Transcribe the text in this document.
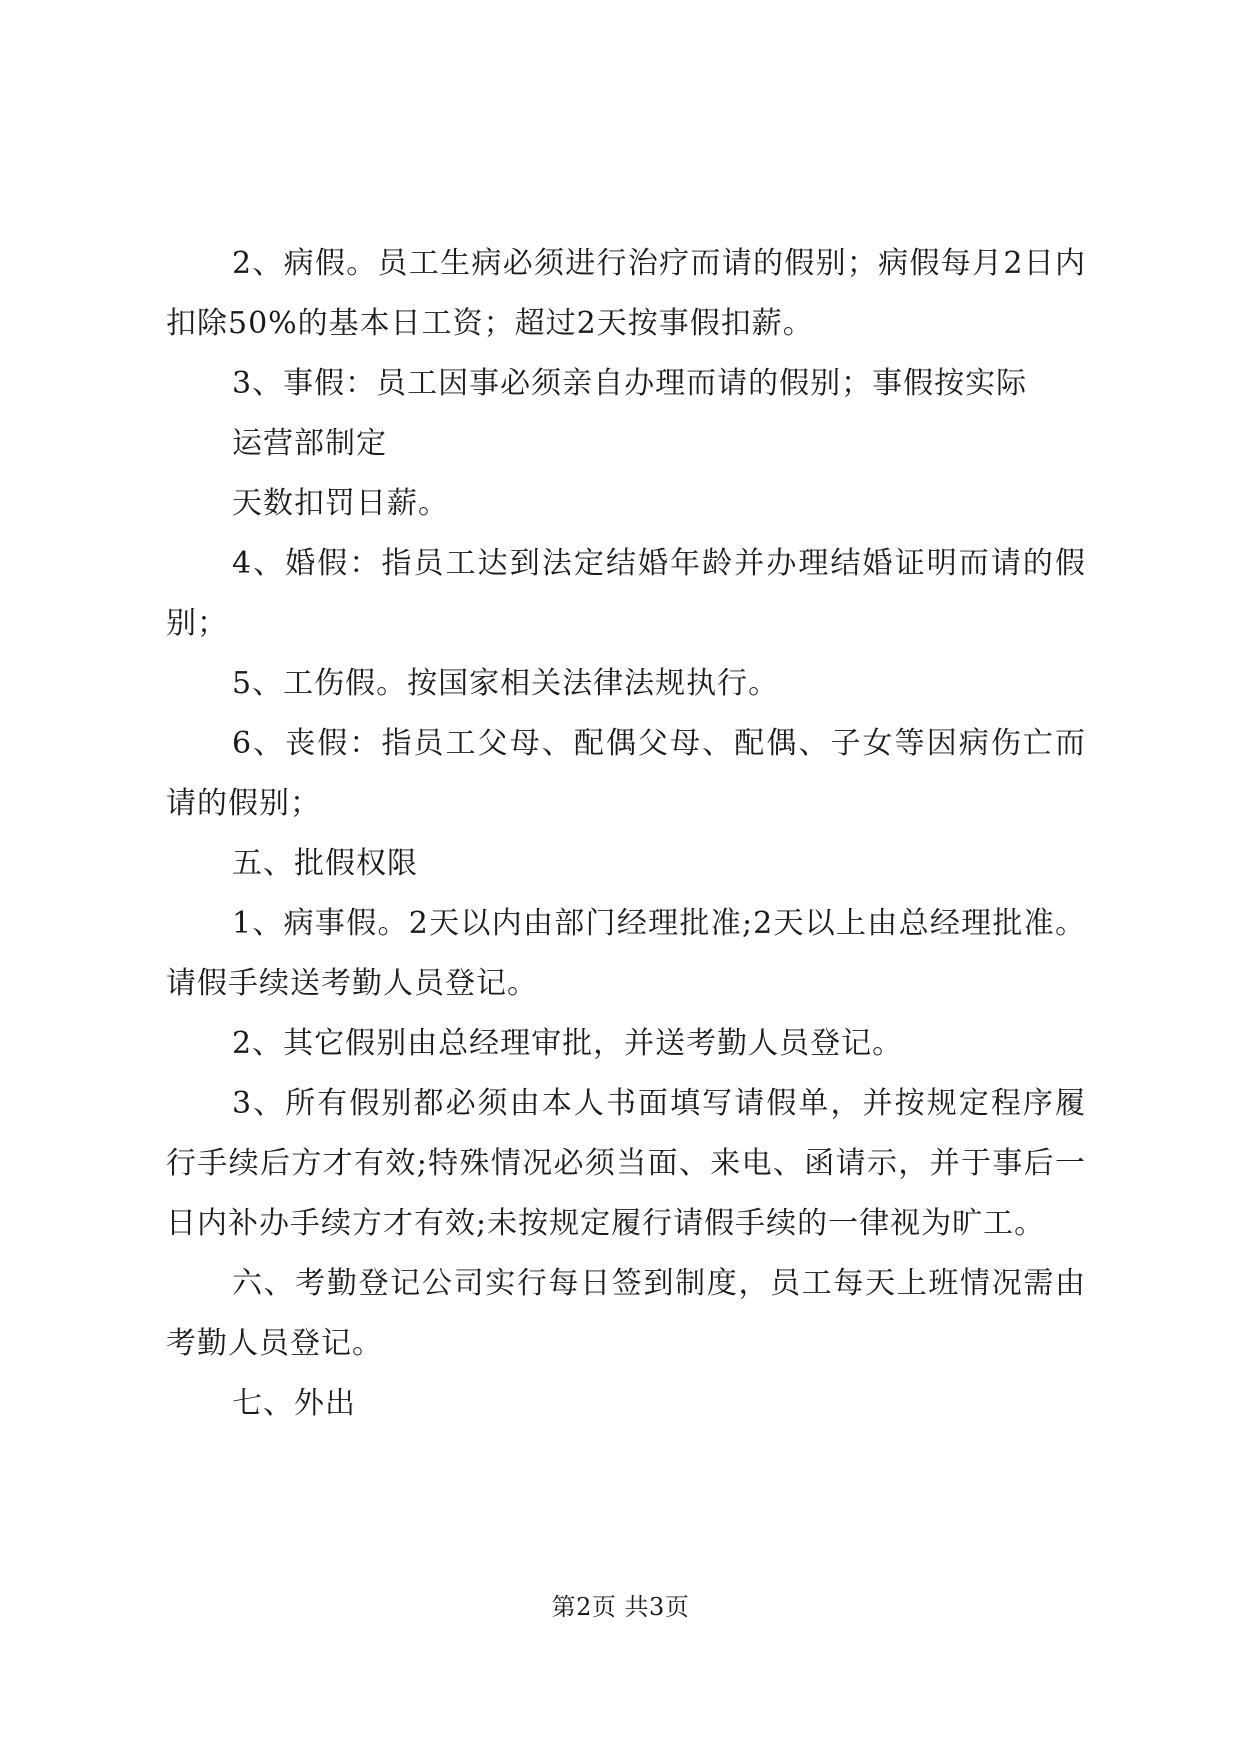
2、病假。员工生病必须进行治疗而请的假别；病假每月2日内扣除50%的基本日工资；超过2天按事假扣薪。

3、事假：员工因事必须亲自办理而请的假别；事假按实际

运营部制定

天数扣罚日薪。

4、婚假：指员工达到法定结婚年龄并办理结婚证明而请的假别；

5、工伤假。按国家相关法律法规执行。

6、丧假：指员工父母、配偶父母、配偶、子女等因病伤亡而请的假别；

五、批假权限

1、病事假。2天以内由部门经理批准;2天以上由总经理批准。请假手续送考勤人员登记。

2、其它假别由总经理审批，并送考勤人员登记。

3、所有假别都必须由本人书面填写请假单，并按规定程序履行手续后方才有效;特殊情况必须当面、来电、函请示，并于事后一日内补办手续方才有效;未按规定履行请假手续的一律视为旷工。

六、考勤登记公司实行每日签到制度，员工每天上班情况需由考勤人员登记。

七、外出

第2页 共3页
